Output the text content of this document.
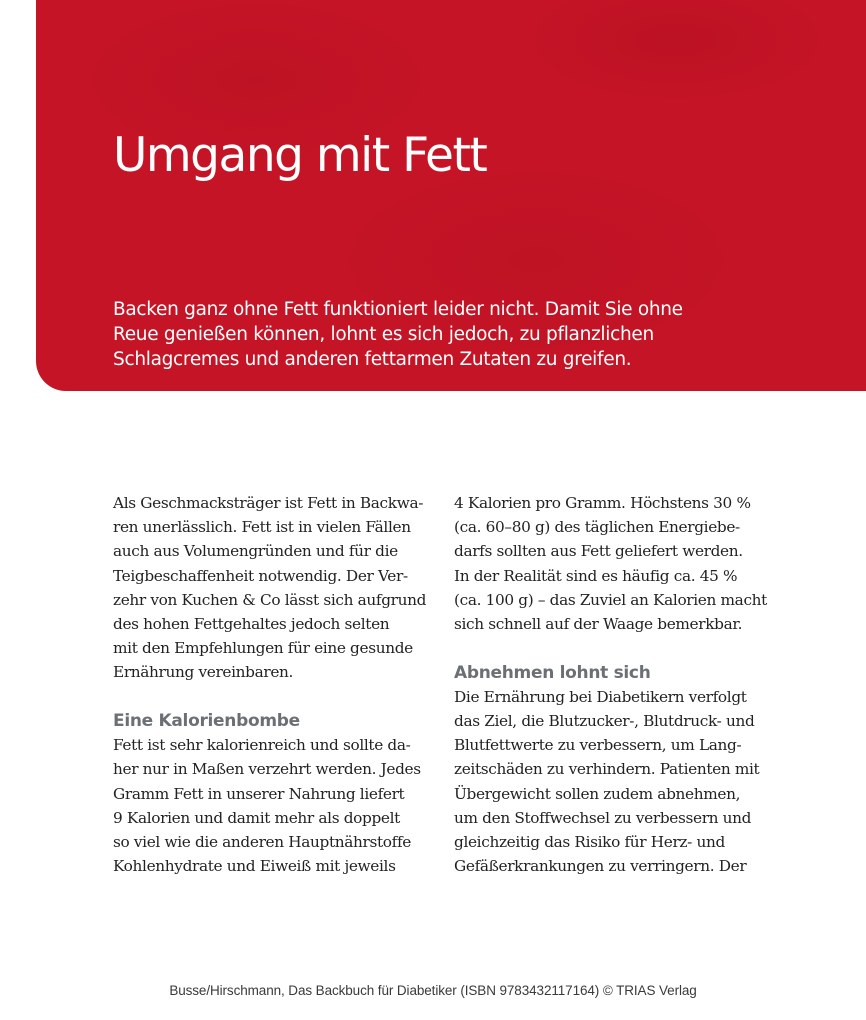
Umgang mit Fett

Backen ganz ohne Fett funktioniert leider nicht. Damit Sie ohne
Reue genießen können, lohnt es sich jedoch, zu pflanzlichen
Schlagcremes und anderen fettarmen Zutaten zu greifen.

Als Geschmacksträger ist Fett in Backwa-
ren unerlässlich. Fett ist in vielen Fällen
auch aus Volumengründen und für die
Teigbeschaffenheit notwendig. Der Ver-
zehr von Kuchen & Co lässt sich aufgrund
des hohen Fettgehaltes jedoch selten
mit den Empfehlungen für eine gesunde
Ernährung vereinbaren.
Eine Kalorienbombe
Fett ist sehr kalorienreich und sollte da-
her nur in Maßen verzehrt werden. Jedes
Gramm Fett in unserer Nahrung liefert
9 Kalorien und damit mehr als doppelt
so viel wie die anderen Hauptnährstoffe
Kohlenhydrate und Eiweiß mit jeweils
4 Kalorien pro Gramm. Höchstens 30 %
(ca. 60–80 g) des täglichen Energiebe-
darfs sollten aus Fett geliefert werden.
In der Realität sind es häufig ca. 45 %
(ca. 100 g) – das Zuviel an Kalorien macht
sich schnell auf der Waage bemerkbar.
Abnehmen lohnt sich
Die Ernährung bei Diabetikern verfolgt
das Ziel, die Blutzucker-, Blutdruck- und
Blutfettwerte zu verbessern, um Lang-
zeitschäden zu verhindern. Patienten mit
Übergewicht sollen zudem abnehmen,
um den Stoffwechsel zu verbessern und
gleichzeitig das Risiko für Herz- und
Gefäßerkrankungen zu verringern. Der
Busse/Hirschmann, Das Backbuch für Diabetiker (ISBN 9783432117164) © TRIAS Verlag
